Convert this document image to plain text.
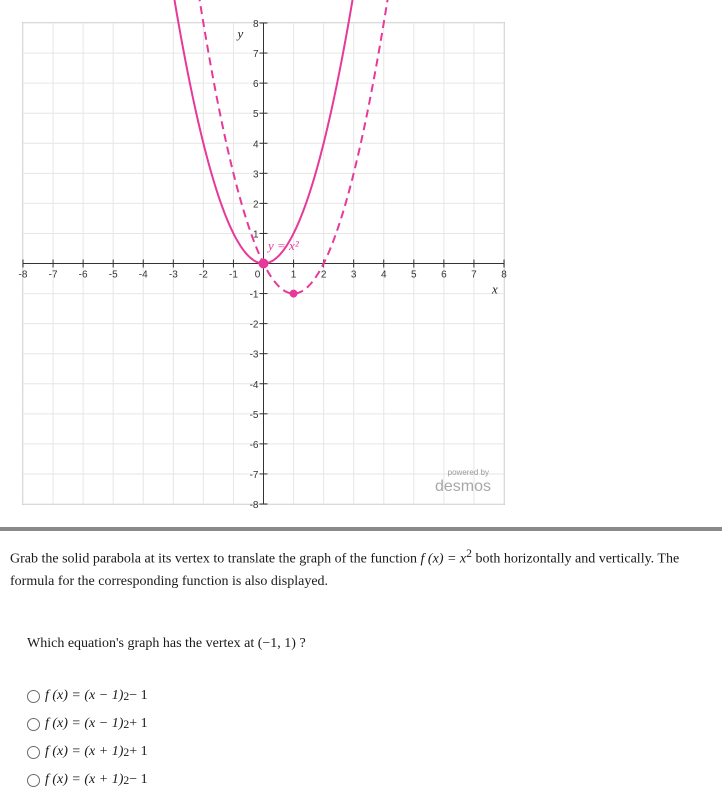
-8 -7 -6 -5 -4 -3 -2 -1 0	1 2 3 4 5 6 7 8
8
7
6
5
4
3
2
1
-1
-2
-3
-4
-5
-6
-7
-8
x
y
y = x²
powered by
desmos
Grab the solid parabola at its vertex to translate the graph of the function f $(x) = x^2$ both horizontally and vertically. The formula for the corresponding function is also displayed.
Which equation's graph has the vertex at (−1, 1) ?
f (x) = (x − 1) 2 − 1
f (x) = (x − 1) 2 + 1
f (x) = (x + 1) 2 + 1
f (x) = (x + 1) 2 − 1
